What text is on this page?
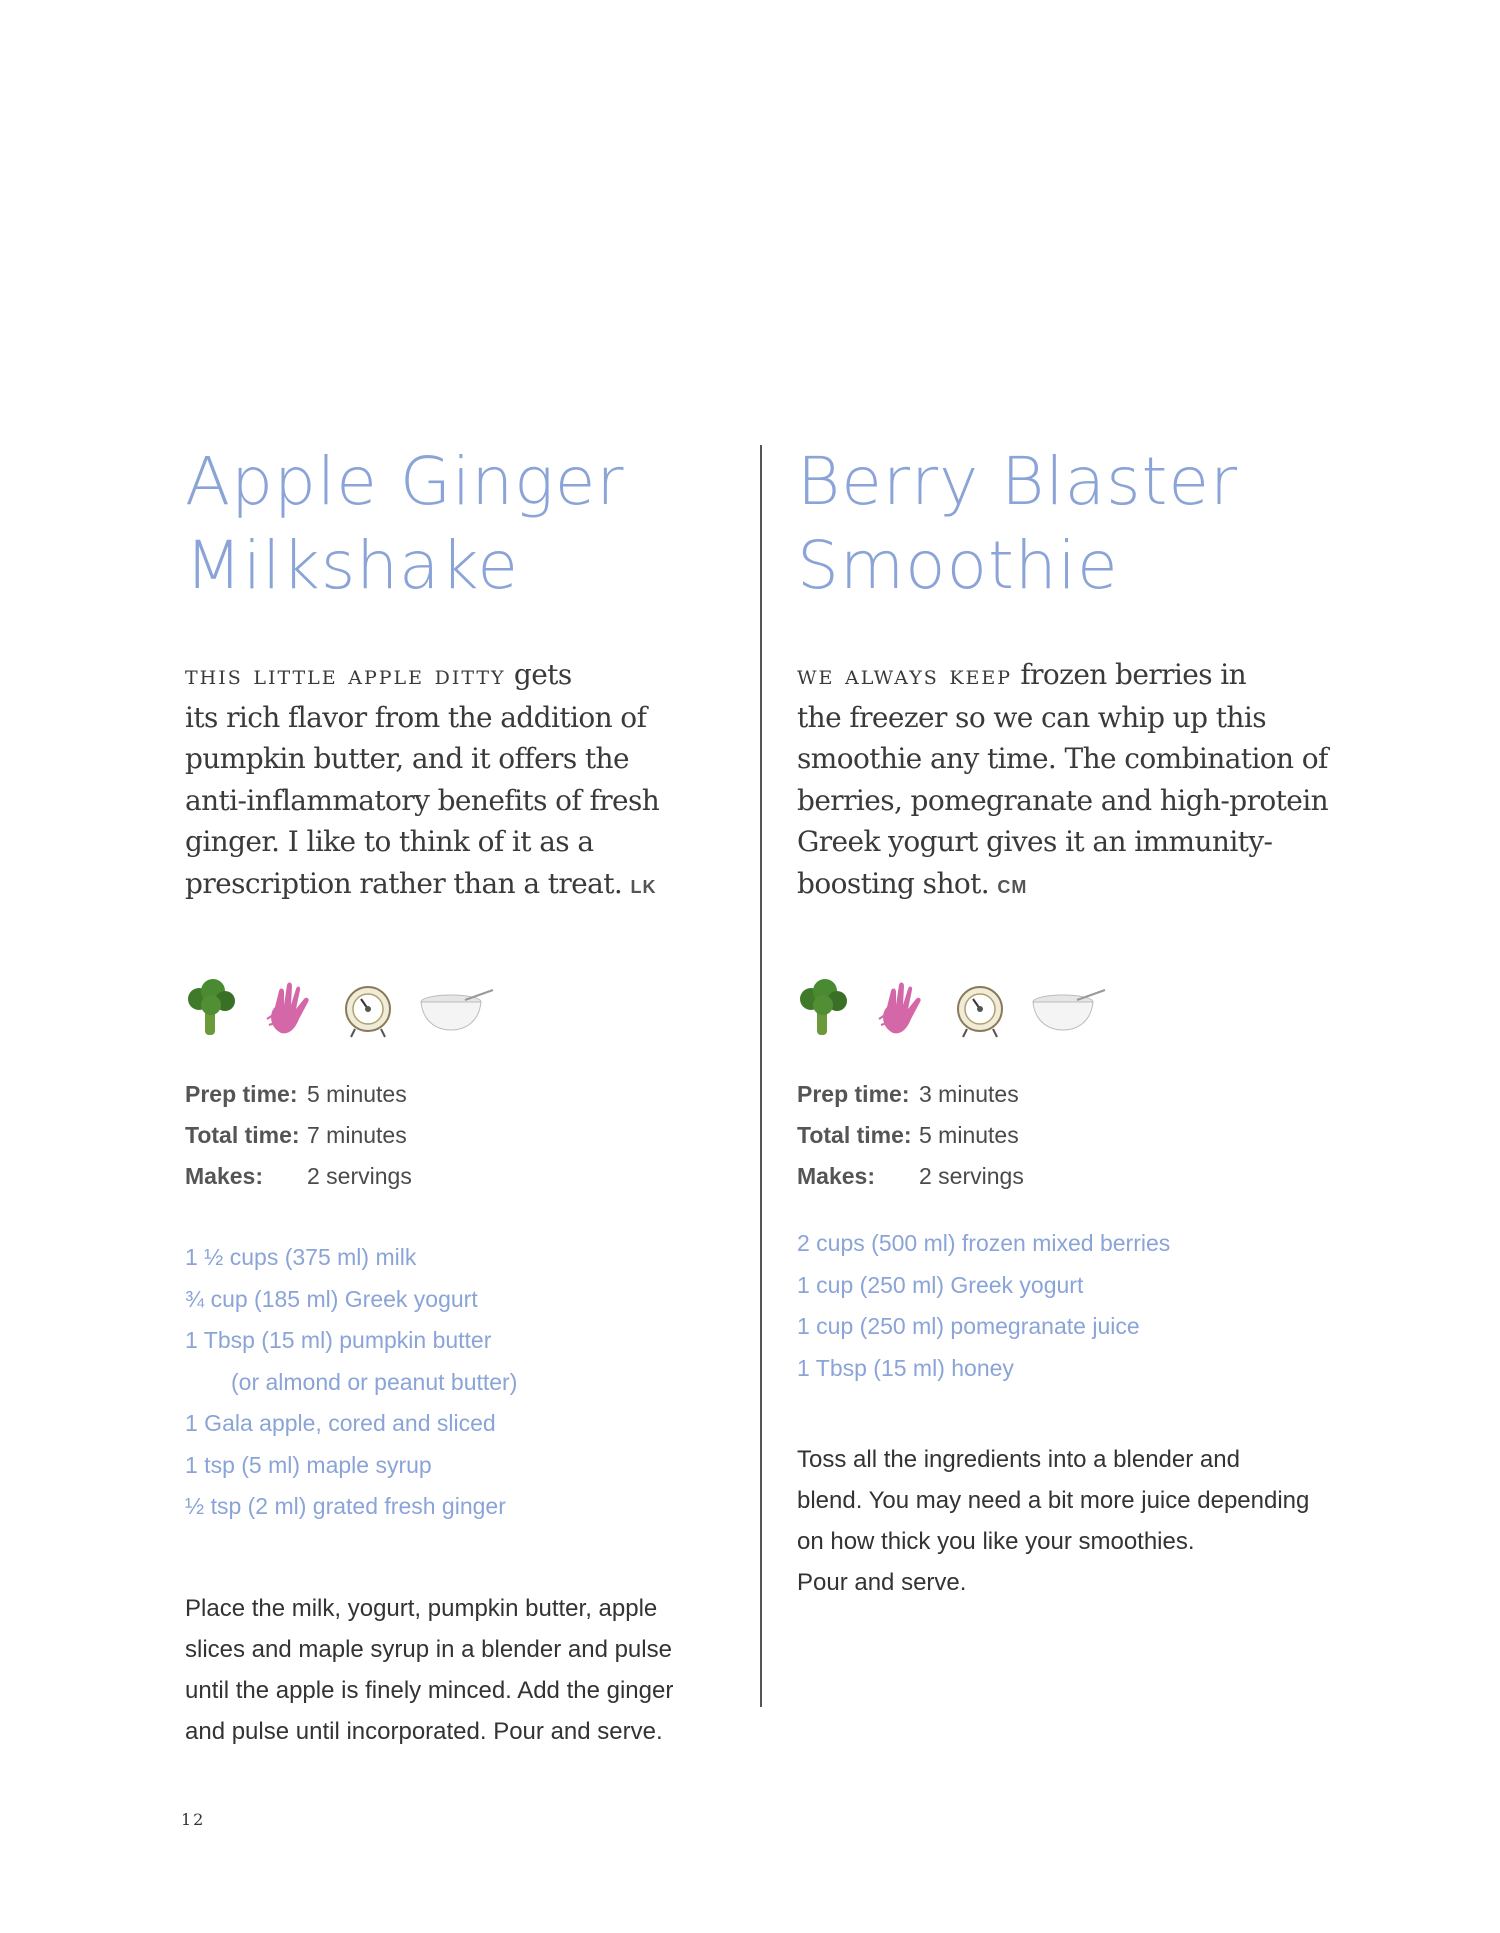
Apple Ginger
Milkshake
this little apple ditty gets
its rich flavor from the addition of
pumpkin butter, and it offers the
anti-inflammatory benefits of fresh
ginger. I like to think of it as a
prescription rather than a treat. LK
Prep time: 5 minutes
Total time: 7 minutes
Makes:	2 servings
1 ½ cups (375 ml) milk
¾ cup (185 ml) Greek yogurt
1 Tbsp (15 ml) pumpkin butter
(or almond or peanut butter)
1 Gala apple, cored and sliced
1 tsp (5 ml) maple syrup
½ tsp (2 ml) grated fresh ginger
Place the milk, yogurt, pumpkin butter, apple
slices and maple syrup in a blender and pulse
until the apple is finely minced. Add the ginger
and pulse until incorporated. Pour and serve.
Berry Blaster
Smoothie
we always keep frozen berries in
the freezer so we can whip up this
smoothie any time. The combination of
berries, pomegranate and high-protein
Greek yogurt gives it an immunity-
boosting shot. CM
Prep time: 3 minutes
Total time: 5 minutes
Makes:	2 servings
2 cups (500 ml) frozen mixed berries
1 cup (250 ml) Greek yogurt
1 cup (250 ml) pomegranate juice
1 Tbsp (15 ml) honey
Toss all the ingredients into a blender and
blend. You may need a bit more juice depending
on how thick you like your smoothies.
Pour and serve.
12
